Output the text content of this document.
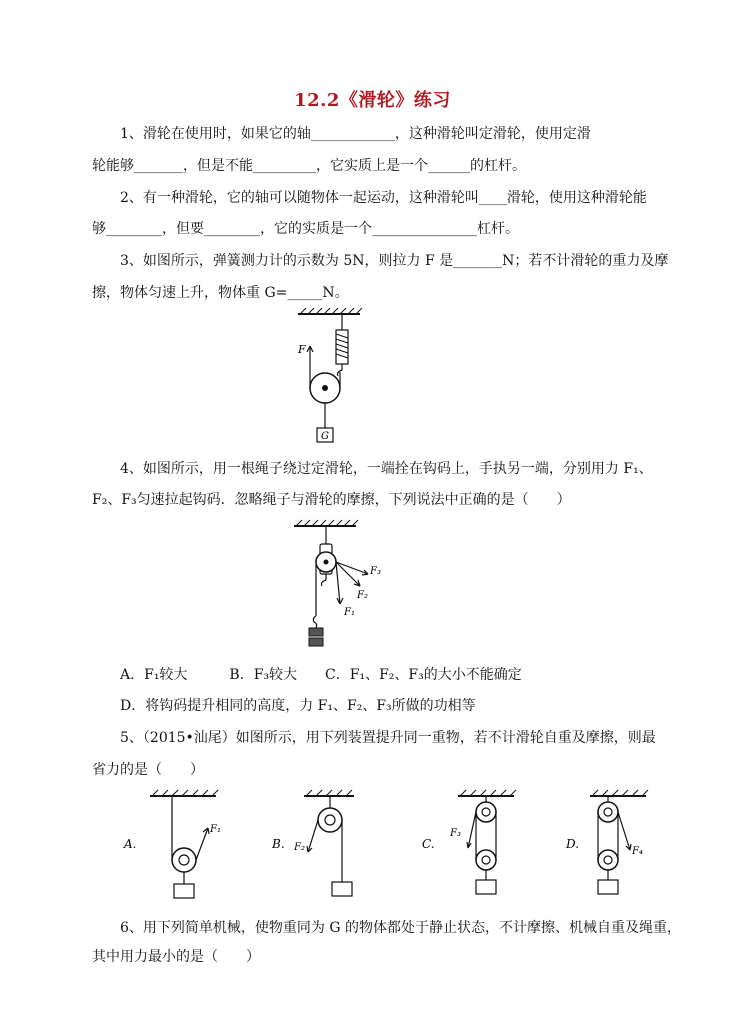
12.2《滑轮》练习
1、滑轮在使用时，如果它的轴____________，这种滑轮叫定滑轮，使用定滑
轮能够_______，但是不能_________，它实质上是一个______的杠杆。
2、有一种滑轮，它的轴可以随物体一起运动，这种滑轮叫____滑轮，使用这种滑轮能
够________，但要________，它的实质是一个_______________杠杆。
3、如图所示，弹簧测力计的示数为 5N，则拉力 F 是_______N；若不计滑轮的重力及摩
擦，物体匀速上升，物体重 G=_____N。
F
G
4、如图所示，用一根绳子绕过定滑轮，一端拴在钩码上，手执另一端，分别用力 F₁、
F₂、F₃匀速拉起钩码．忽略绳子与滑轮的摩擦，下列说法中正确的是（　　）
F₁
F₂
F₃
A．F₁较大　　　B．F₃较大　　C．F₁、F₂、F₃的大小不能确定
D．将钩码提升相同的高度，力 F₁、F₂、F₃所做的功相等
5、（2015•汕尾）如图所示，用下列装置提升同一重物，若不计滑轮自重及摩擦，则最
省力的是（　　）
A.
F₁
B. F₂	C.
F₃
D.
F₄
6、用下列简单机械，使物重同为 G 的物体都处于静止状态，不计摩擦、机械自重及绳重，
其中用力最小的是（　　）
